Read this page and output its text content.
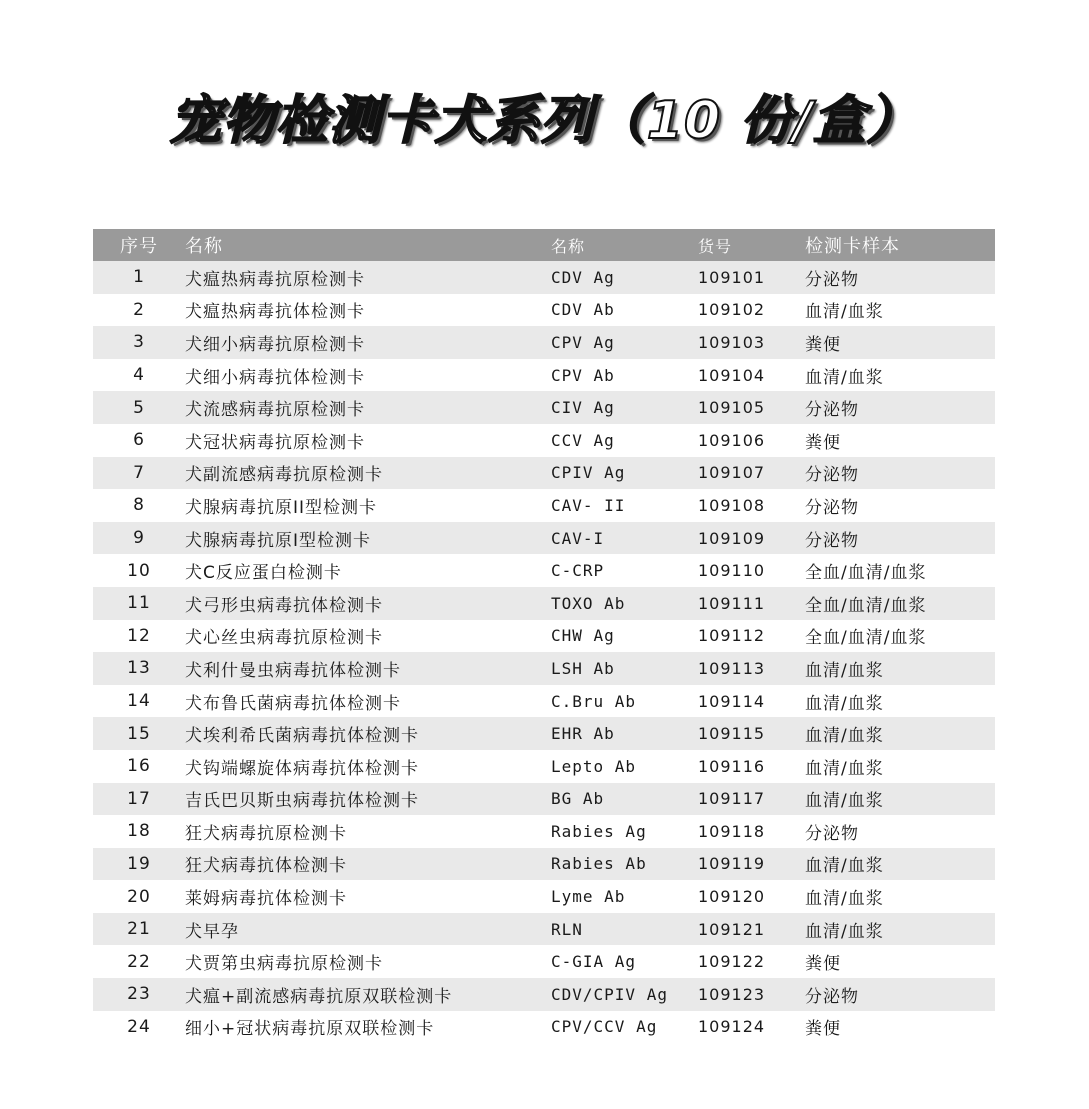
宠物检测卡犬系列（10 份/盒）
序号	名称	名称	货号	检测卡样本
1	犬瘟热病毒抗原检测卡	CDV Ag	109101	分泌物
2	犬瘟热病毒抗体检测卡	CDV Ab	109102	血清/血浆
3	犬细小病毒抗原检测卡	CPV Ag	109103	粪便
4	犬细小病毒抗体检测卡	CPV Ab	109104	血清/血浆
5	犬流感病毒抗原检测卡	CIV Ag	109105	分泌物
6	犬冠状病毒抗原检测卡	CCV Ag	109106	粪便
7	犬副流感病毒抗原检测卡	CPIV Ag	109107	分泌物
8	犬腺病毒抗原II型检测卡	CAV- II	109108	分泌物
9	犬腺病毒抗原I型检测卡	CAV-I	109109	分泌物
10	犬C反应蛋白检测卡	C-CRP	109110	全血/血清/血浆
11	犬弓形虫病毒抗体检测卡	TOXO Ab	109111	全血/血清/血浆
12	犬心丝虫病毒抗原检测卡	CHW Ag	109112	全血/血清/血浆
13	犬利什曼虫病毒抗体检测卡	LSH Ab	109113	血清/血浆
14	犬布鲁氏菌病毒抗体检测卡	C.Bru Ab	109114	血清/血浆
15	犬埃利希氏菌病毒抗体检测卡	EHR Ab	109115	血清/血浆
16	犬钩端螺旋体病毒抗体检测卡	Lepto Ab	109116	血清/血浆
17	吉氏巴贝斯虫病毒抗体检测卡	BG Ab	109117	血清/血浆
18	狂犬病毒抗原检测卡	Rabies Ag	109118	分泌物
19	狂犬病毒抗体检测卡	Rabies Ab	109119	血清/血浆
20	莱姆病毒抗体检测卡	Lyme Ab	109120	血清/血浆
21	犬早孕	RLN	109121	血清/血浆
22	犬贾第虫病毒抗原检测卡	C-GIA Ag	109122	粪便
23	犬瘟+副流感病毒抗原双联检测卡	CDV/CPIV Ag	109123	分泌物
24	细小+冠状病毒抗原双联检测卡	CPV/CCV Ag	109124	粪便
